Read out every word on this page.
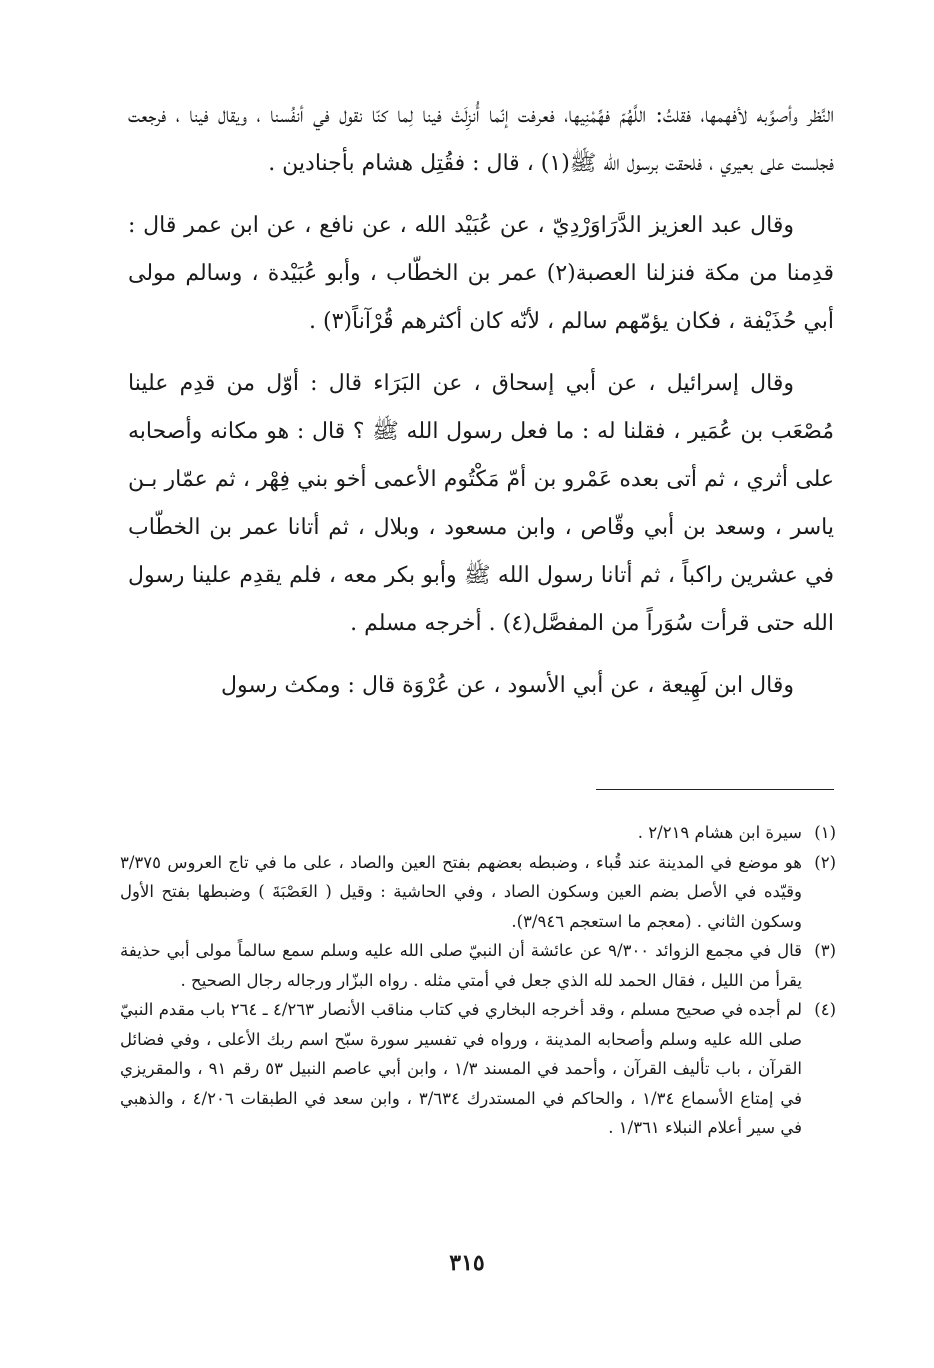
النَّظر وأصوِّبه لأفهمها، فقلتُ: اللَّهُمّ فهِّمْنِيها، فعرفت إنّما أُنزِلَتْ فينا لِما كنّا نقول في أنفُسنا ، ويقال فينا ، فرجعت فجلست على بعيري ، فلحقت برسول الله ﷺ(١) ، قال : فقُتِل هشام بأجنادين .

وقال عبد العزيز الدَّرَاوَرْدِيّ ، عن عُبَيْد الله ، عن نافع ، عن ابن عمر قال : قدِمنا من مكة فنزلنا العصبة(٢) عمر بن الخطّاب ، وأبو عُبَيْدة ، وسالم مولى أبي حُذَيْفة ، فكان يؤمّهم سالم ، لأنّه كان أكثرهم قُرْآناً(٣) .

وقال إسرائيل ، عن أبي إسحاق ، عن البَرَاء قال : أوّل من قدِم علينا مُصْعَب بن عُمَير ، فقلنا له : ما فعل رسول الله ﷺ ؟ قال : هو مكانه وأصحابه على أثري ، ثم أتى بعده عَمْرو بن أمّ مَكْتُوم الأعمى أخو بني فِهْر ، ثم عمّار بـن ياسر ، وسعد بن أبي وقّاص ، وابن مسعود ، وبلال ، ثم أتانا عمر بن الخطّاب في عشرين راكباً ، ثم أتانا رسول الله ﷺ وأبو بكر معه ، فلم يقدِم علينا رسول الله حتى قرأت سُوَراً من المفصَّل(٤) . أخرجه مسلم .

وقال ابن لَهِيعة ، عن أبي الأسود ، عن عُرْوَة قال : ومكث رسول

(١)
سيرة ابن هشام ٢/٢١٩ .
(٢)
هو موضع في المدينة عند قُباء ، وضبطه بعضهم بفتح العين والصاد ، على ما في تاج العروس ٣/٣٧٥ وقيّده في الأصل بضم العين وسكون الصاد ، وفي الحاشية : وقيل ( العَصْبَةَ ) وضبطها بفتح الأول وسكون الثاني . (معجم ما استعجم ٣/٩٤٦).
(٣)
قال في مجمع الزوائد ٩/٣٠٠ عن عائشة أن النبيّ صلى الله عليه وسلم سمع سالماً مولى أبي حذيفة يقرأ من الليل ، فقال الحمد لله الذي جعل في أمتي مثله . رواه البزّار ورجاله رجال الصحيح .
(٤)
لم أجده في صحيح مسلم ، وقد أخرجه البخاري في كتاب مناقب الأنصار ٤/٢٦٣ ـ ٢٦٤ باب مقدم النبيّ صلى الله عليه وسلم وأصحابه المدينة ، ورواه في تفسير سورة سبّح اسم ربك الأعلى ، وفي فضائل القرآن ، باب تأليف القرآن ، وأحمد في المسند ١/٣ ، وابن أبي عاصم النبيل ٥٣ رقم ٩١ ، والمقريزي في إمتاع الأسماع ١/٣٤ ، والحاكم في المستدرك ٣/٦٣٤ ، وابن سعد في الطبقات ٤/٢٠٦ ، والذهبي في سير أعلام النبلاء ١/٣٦١ .
٣١٥
